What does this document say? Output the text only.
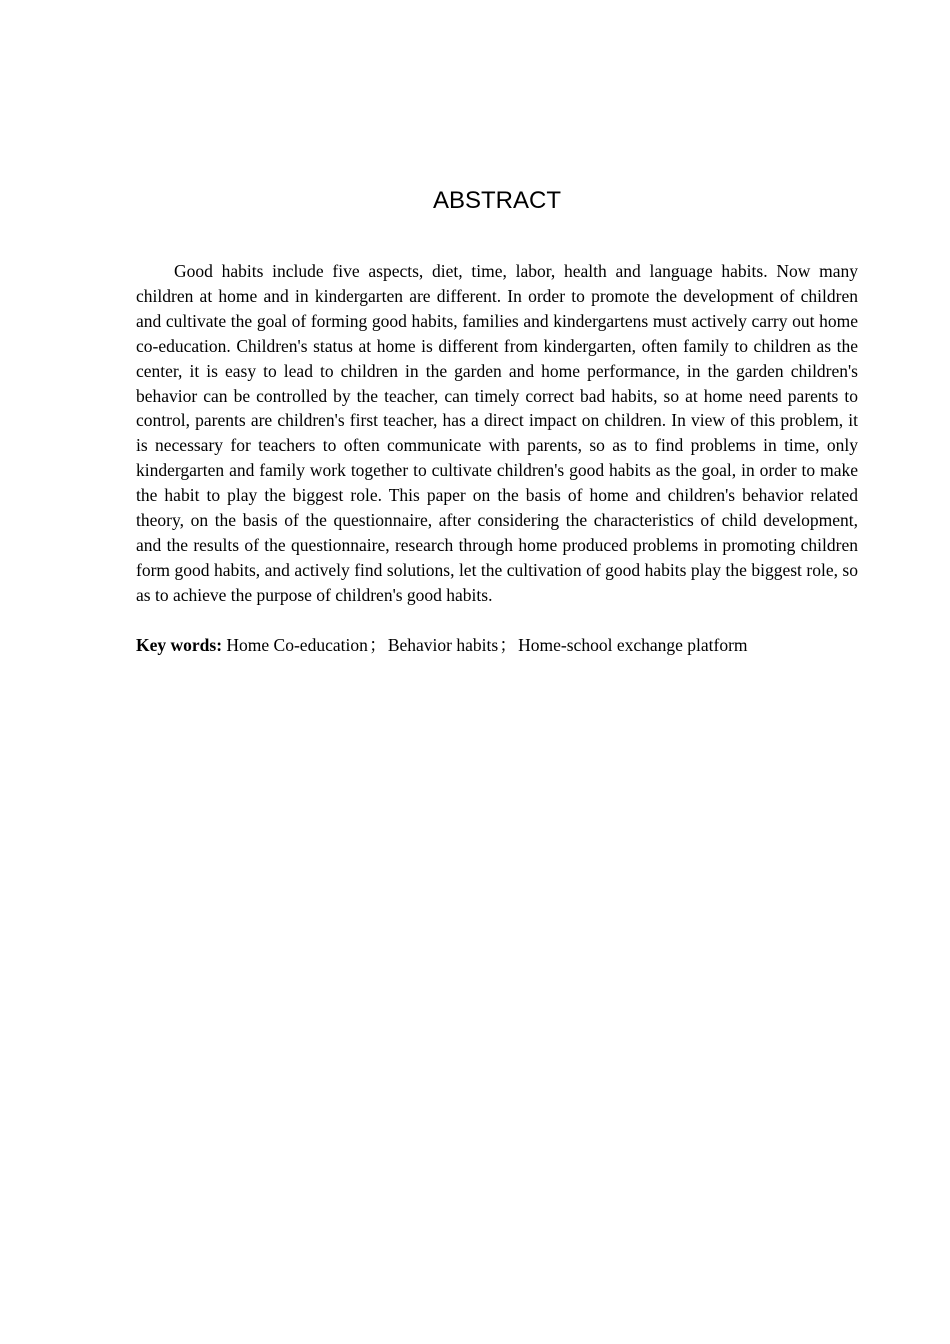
ABSTRACT

Good habits include five aspects, diet, time, labor, health and language habits. Now many children at home and in kindergarten are different. In order to promote the development of children and cultivate the goal of forming good habits, families and kindergartens must actively carry out home co-education. Children's status at home is different from kindergarten, often family to children as the center, it is easy to lead to children in the garden and home performance, in the garden children's behavior can be controlled by the teacher, can timely correct bad habits, so at home need parents to control, parents are children's first teacher, has a direct impact on children. In view of this problem, it is necessary for teachers to often communicate with parents, so as to find problems in time, only kindergarten and family work together to cultivate children's good habits as the goal, in order to make the habit to play the biggest role. This paper on the basis of home and children's behavior related theory, on the basis of the questionnaire, after considering the characteristics of child development, and the results of the questionnaire, research through home produced problems in promoting children form good habits, and actively find solutions, let the cultivation of good habits play the biggest role, so as to achieve the purpose of children's good habits.

Key words: Home Co-education；Behavior habits；Home-school exchange platform
